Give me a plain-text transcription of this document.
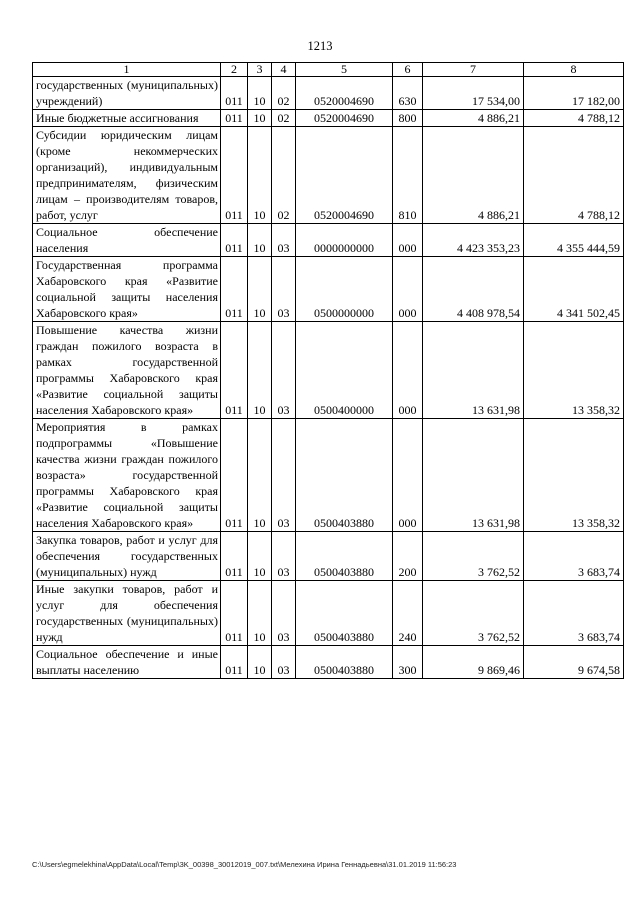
1213
1	2	3	4	5	6	7	8
государственных (муниципальных) учреждений)	011	10	02	0520004690	630	17 534,00	17 182,00
Иные бюджетные ассигнования	011	10	02	0520004690	800	4 886,21	4 788,12
Субсидии юридическим лицам (кроме некоммерческих организаций), индивидуальным предпринимателям, физическим лицам – производителям товаров, работ, услуг	011	10	02	0520004690	810	4 886,21	4 788,12
Социальное обеспечение населения	011	10	03	0000000000	000	4 423 353,23	4 355 444,59
Государственная программа Хабаровского края «Развитие социальной защиты населения Хабаровского края»	011	10	03	0500000000	000	4 408 978,54	4 341 502,45
Повышение качества жизни граждан пожилого возраста в рамках государственной программы Хабаровского края «Развитие социальной защиты населения Хабаровского края»	011	10	03	0500400000	000	13 631,98	13 358,32
Мероприятия в рамках подпрограммы «Повышение качества жизни граждан пожилого возраста» государственной программы Хабаровского края «Развитие социальной защиты населения Хабаровского края»	011	10	03	0500403880	000	13 631,98	13 358,32
Закупка товаров, работ и услуг для обеспечения государственных (муниципальных) нужд	011	10	03	0500403880	200	3 762,52	3 683,74
Иные закупки товаров, работ и услуг для обеспечения государственных (муниципальных) нужд	011	10	03	0500403880	240	3 762,52	3 683,74
Социальное обеспечение и иные выплаты населению	011	10	03	0500403880	300	9 869,46	9 674,58
C:\Users\egmelekhina\AppData\Local\Temp\3K_00398_30012019_007.txt\Мелехина Ирина Геннадьевна\31.01.2019 11:56:23
